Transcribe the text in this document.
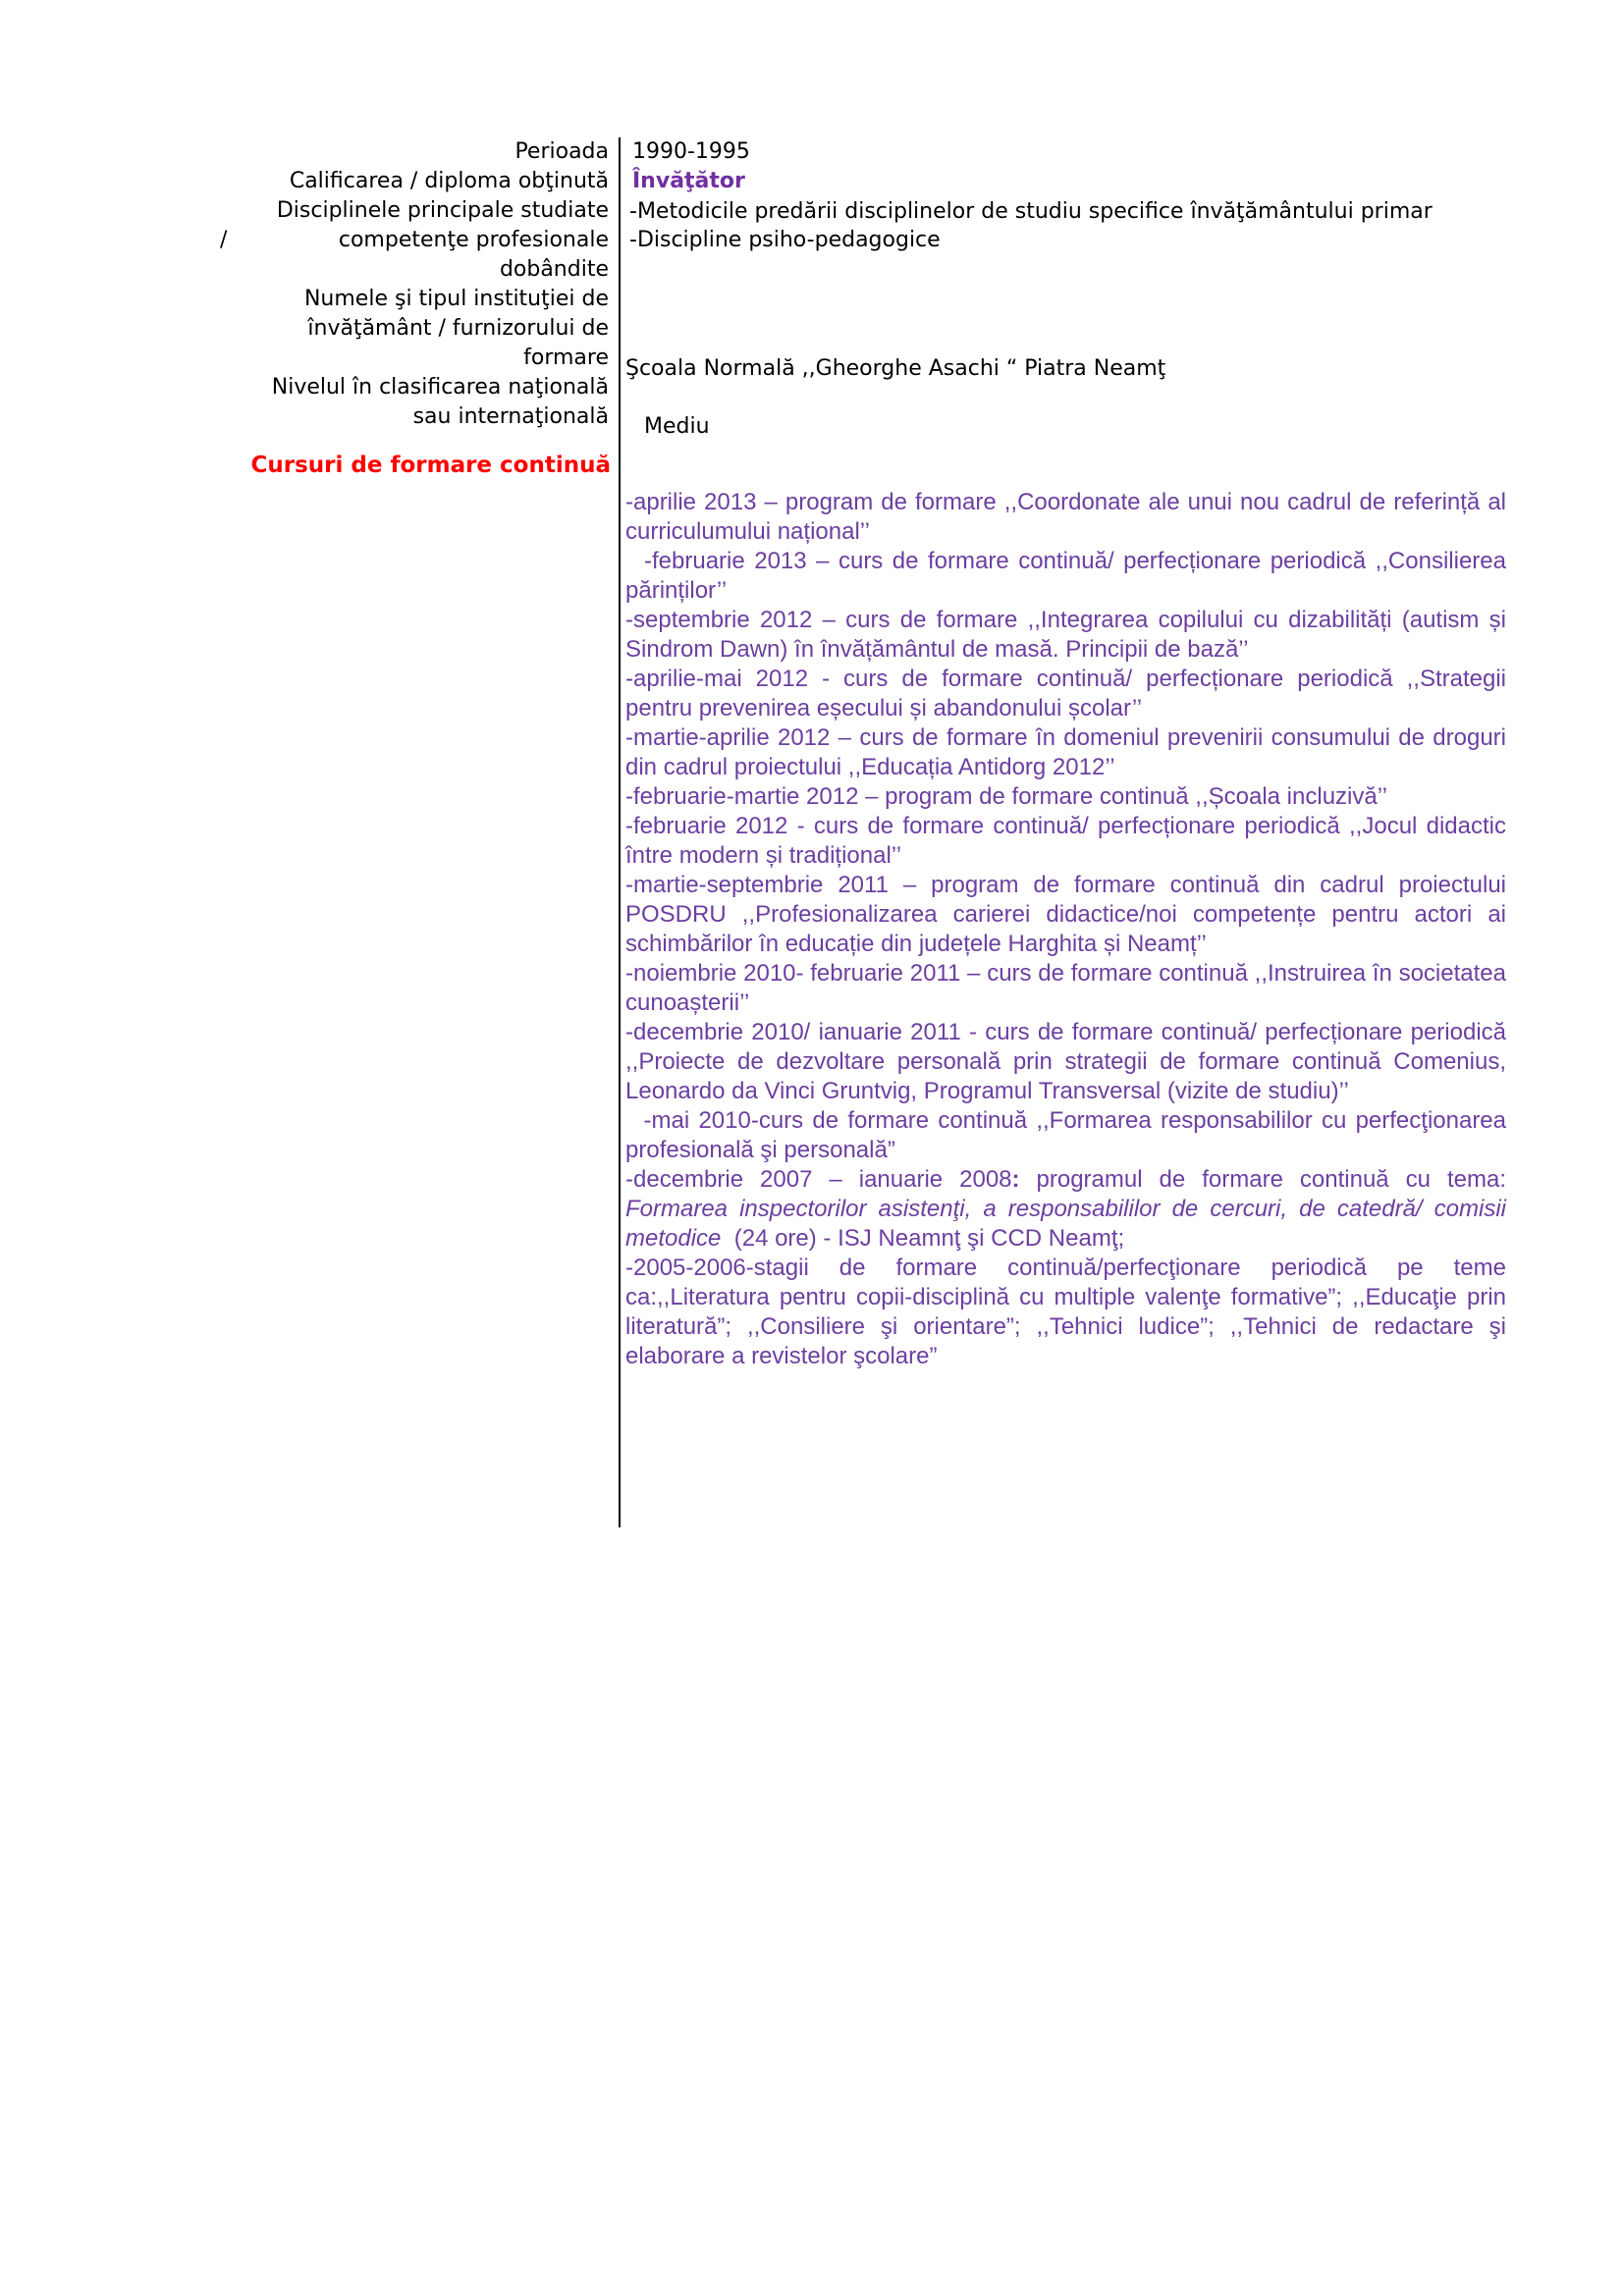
Perioada
Calificarea / diploma obţinută
Disciplinele principale studiate
/	competenţe profesionale
dobândite
Numele şi tipul instituţiei de
învăţământ / furnizorului de
formare
Nivelul în clasificarea naţională
sau internaţională
1990-1995
Învăţător
-Metodicile predării disciplinelor de studiu specifice învăţământului primar
-Discipline psiho-pedagogice
Şcoala Normală ,,Gheorghe Asachi “ Piatra Neamţ
Mediu
Cursuri de formare continuă

-aprilie 2013 – program de formare ,,Coordonate ale unui nou cadrul de referință al curriculumului național’’

-februarie 2013 – curs de formare continuă/ perfecționare periodică ,,Consilierea părinților’’

-septembrie 2012 – curs de formare ,,Integrarea copilului cu dizabilități (autism și Sindrom Dawn) în învățământul de masă. Principii de bază’’

-aprilie-mai 2012 - curs de formare continuă/ perfecționare periodică ,,Strategii pentru prevenirea eșecului și abandonului școlar’’

-martie-aprilie 2012 – curs de formare în domeniul prevenirii consumului de droguri din cadrul proiectului ,,Educația Antidorg 2012’’

-februarie-martie 2012 – program de formare continuă ,,Școala incluzivă’’

-februarie 2012 - curs de formare continuă/ perfecționare periodică ,,Jocul didactic între modern și tradițional’’

-martie-septembrie 2011 – program de formare continuă din cadrul proiectului POSDRU ,,Profesionalizarea carierei didactice/noi competențe pentru actori ai schimbărilor în educație din județele Harghita și Neamț’’

-noiembrie 2010- februarie 2011 – curs de formare continuă ,,Instruirea în societatea cunoașterii’’

-decembrie 2010/ ianuarie 2011 - curs de formare continuă/ perfecționare periodică ,,Proiecte de dezvoltare personală prin strategii de formare continuă Comenius, Leonardo da Vinci Gruntvig, Programul Transversal (vizite de studiu)’’

-mai 2010-curs de formare continuă ,,Formarea responsabililor cu perfecţionarea profesională şi personală”

-decembrie 2007 – ianuarie 2008: programul de formare continuă cu tema: Formarea inspectorilor asistenţi, a responsabililor de cercuri, de catedră/ comisii metodice  (24 ore) - ISJ Neamnţ şi CCD Neamţ;

-2005-2006-stagii de formare continuă/perfecţionare periodică pe teme ca:,,Literatura pentru copii-disciplină cu multiple valenţe formative”; ,,Educaţie prin literatură”; ,,Consiliere şi orientare”; ,,Tehnici ludice”; ,,Tehnici de redactare şi elaborare a revistelor şcolare”
